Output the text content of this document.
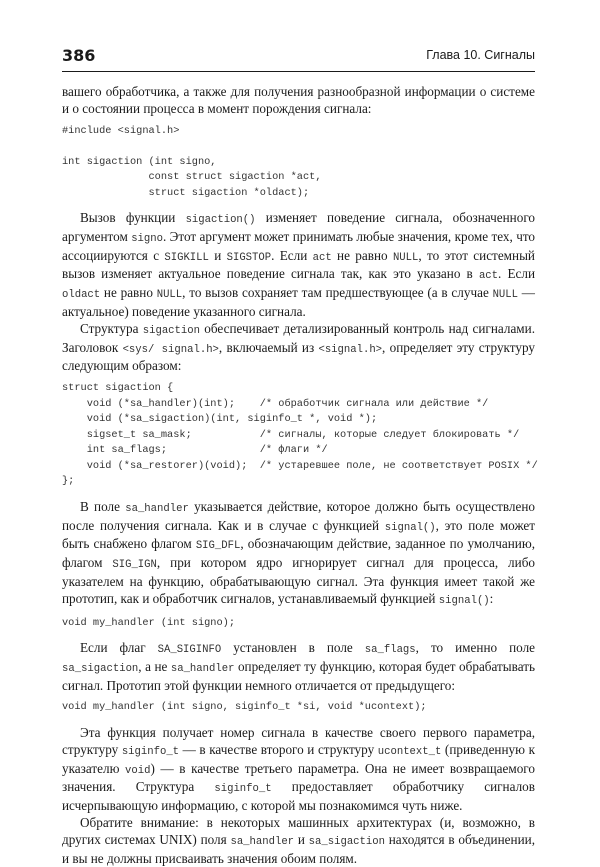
386	Глава 10. Сигналы

вашего обработчика, а также для получения разнообразной информации о системе и о состоянии процесса в момент порождения сигнала:

#include <signal.h>

int sigaction (int signo,
const struct sigaction *act,
struct sigaction *oldact);

Вызов функции sigaction() изменяет поведение сигнала, обозначенного аргументом signo. Этот аргумент может принимать любые значения, кроме тех, что ассоциируются с SIGKILL и SIGSTOP. Если act не равно NULL, то этот системный вызов изменяет актуальное поведение сигнала так, как это указано в act. Если oldact не равно NULL, то вызов сохраняет там предшествующее (а в случае NULL — актуальное) поведение указанного сигнала.

Структура sigaction обеспечивает детализированный контроль над сигналами. Заголовок <sys/ signal.h>, включаемый из <signal.h>, определяет эту структуру следующим образом:

struct sigaction {
void (*sa_handler)(int);    /* обработчик сигнала или действие */
void (*sa_sigaction)(int, siginfo_t *, void *);
sigset_t sa_mask;           /* сигналы, которые следует блокировать */
int sa_flags;               /* флаги */
void (*sa_restorer)(void);  /* устаревшее поле, не соответствует POSIX */
};

В поле sa_handler указывается действие, которое должно быть осуществлено после получения сигнала. Как и в случае с функцией signal(), это поле может быть снабжено флагом SIG_DFL, обозначающим действие, заданное по умолчанию, флагом SIG_IGN, при котором ядро игнорирует сигнал для процесса, либо указателем на функцию, обрабатывающую сигнал. Эта функция имеет такой же прототип, как и обработчик сигналов, устанавливаемый функцией signal():

void my_handler (int signo);

Если флаг SA_SIGINFO установлен в поле sa_flags, то именно поле sa_sigaction, а не sa_handler определяет ту функцию, которая будет обрабатывать сигнал. Прототип этой функции немного отличается от предыдущего:

void my_handler (int signo, siginfo_t *si, void *ucontext);

Эта функция получает номер сигнала в качестве своего первого параметра, структуру siginfo_t — в качестве второго и структуру ucontext_t (приведенную к указателю void) — в качестве третьего параметра. Она не имеет возвращаемого значения. Структура siginfo_t предоставляет обработчику сигналов исчерпывающую информацию, с которой мы познакомимся чуть ниже.

Обратите внимание: в некоторых машинных архитектурах (и, возможно, в других системах UNIX) поля sa_handler и sa_sigaction находятся в объединении, и вы не должны присваивать значения обоим полям.
